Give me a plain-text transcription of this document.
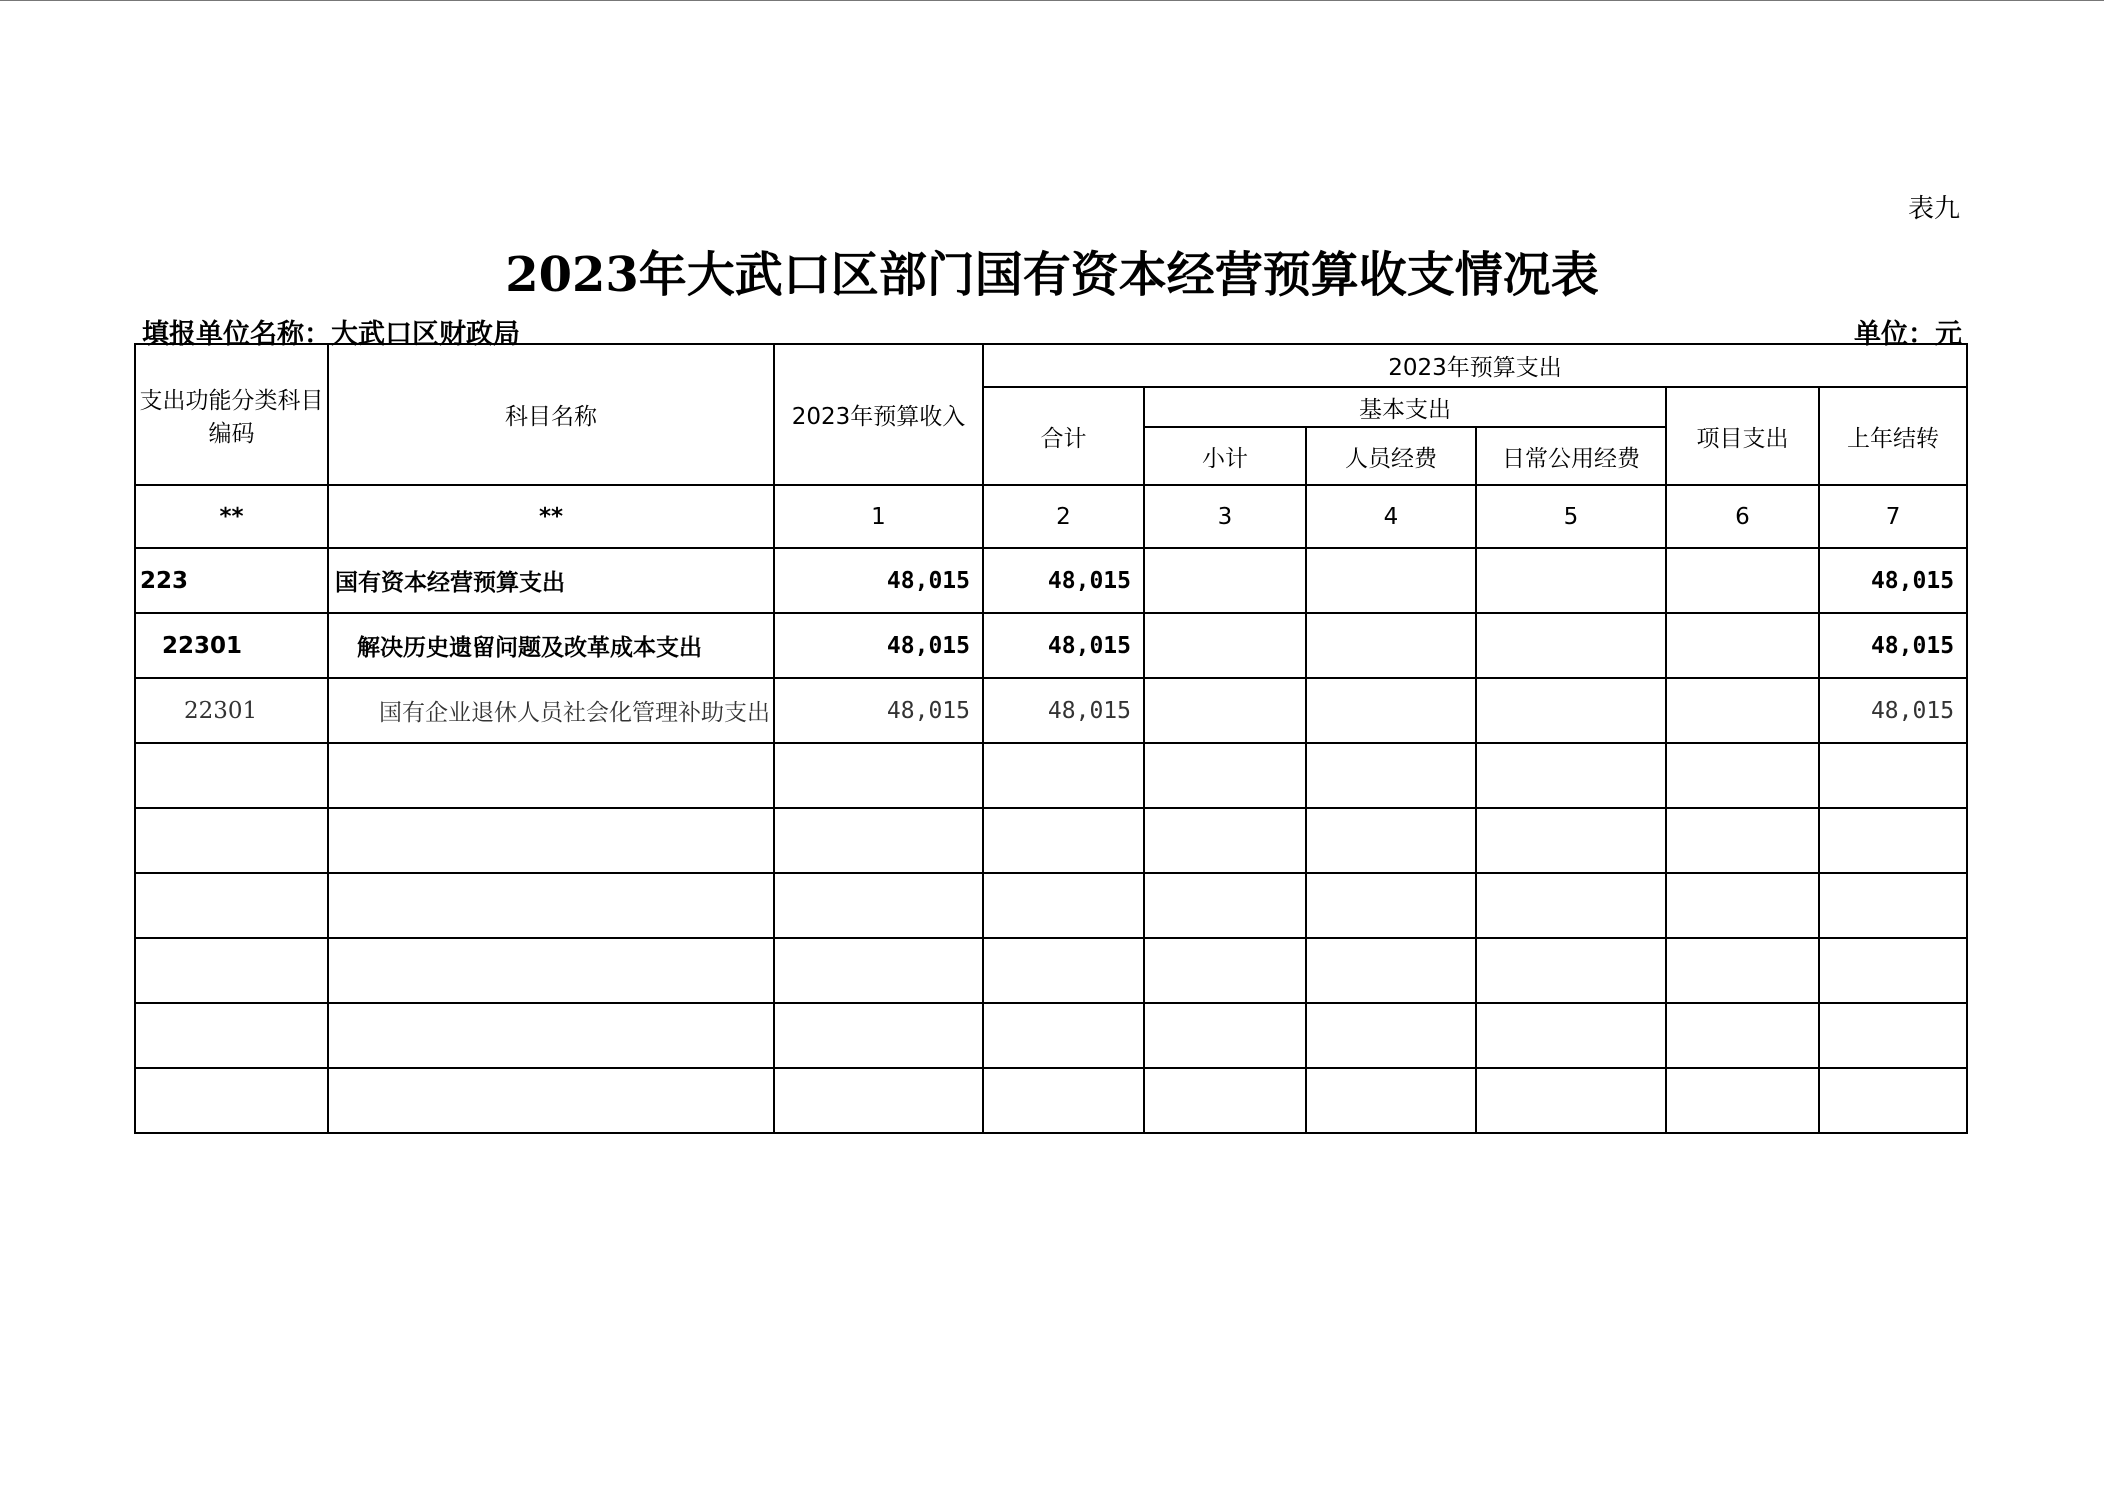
表九
2023年大武口区部门国有资本经营预算收支情况表
填报单位名称：大武口区财政局	单位：元
支出功能分类科目编码	科目名称	2023年预算收入	2023年预算支出					
			合计	基本支出			项目支出	上年结转
				小计	人员经费	日常公用经费		
**	**	1	2	3	4	5	6	7
223	国有资本经营预算支出	48,015	48,015					48,015
22301	解决历史遗留问题及改革成本支出	48,015	48,015					48,015
22301	国有企业退休人员社会化管理补助支出	48,015	48,015					48,015
